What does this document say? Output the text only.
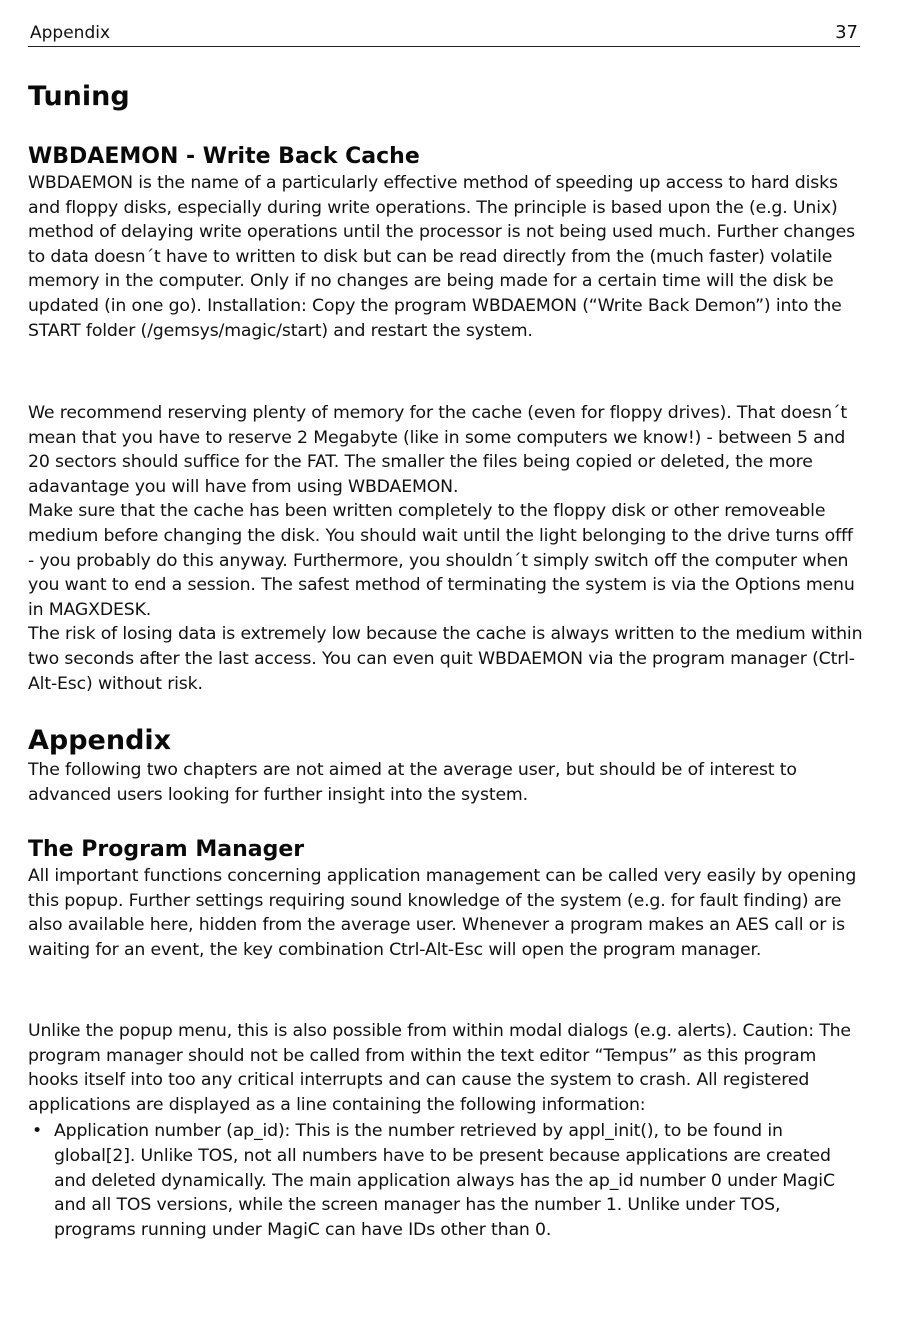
Appendix	37
Tuning
WBDAEMON - Write Back Cache

WBDAEMON is the name of a particularly effective method of speeding up access to hard disks and floppy disks, especially during write operations. The principle is based upon the (e.g. Unix) method of delaying write operations until the processor is not being used much. Further changes to data doesn´t have to written to disk but can be read directly from the (much faster) volatile memory in the computer. Only if no changes are being made for a certain time will the disk be updated (in one go). Installation: Copy the program WBDAEMON (“Write Back Demon”) into the START folder (/gemsys/magic/start) and restart the system.

We recommend reserving plenty of memory for the cache (even for floppy drives). That doesn´t mean that you have to reserve 2 Megabyte (like in some computers we know!) - between 5 and 20 sectors should suffice for the FAT. The smaller the files being copied or deleted, the more adavantage you will have from using WBDAEMON.

Make sure that the cache has been written completely to the floppy disk or other removeable medium before changing the disk. You should wait until the light belonging to the drive turns offf - you probably do this anyway. Furthermore, you shouldn´t simply switch off the computer when you want to end a session. The safest method of terminating the system is via the Options menu in MAGXDESK.

The risk of losing data is extremely low because the cache is always written to the medium within two seconds after the last access. You can even quit WBDAEMON via the program manager (Ctrl-Alt-Esc) without risk.

Appendix

The following two chapters are not aimed at the average user, but should be of interest to advanced users looking for further insight into the system.

The Program Manager

All important functions concerning application management can be called very easily by opening this popup. Further settings requiring sound knowledge of the system (e.g. for fault finding) are also available here, hidden from the average user. Whenever a program makes an AES call or is waiting for an event, the key combination Ctrl-Alt-Esc will open the program manager.

Unlike the popup menu, this is also possible from within modal dialogs (e.g. alerts). Caution: The program manager should not be called from within the text editor “Tempus” as this program hooks itself into too any critical interrupts and can cause the system to crash. All registered applications are displayed as a line containing the following information:

• Application number (ap_id): This is the number retrieved by appl_init(), to be found in global[2]. Unlike TOS, not all numbers have to be present because applications are created and deleted dynamically. The main application always has the ap_id number 0 under MagiC and all TOS versions, while the screen manager has the number 1. Unlike under TOS, programs running under MagiC can have IDs other than 0.
